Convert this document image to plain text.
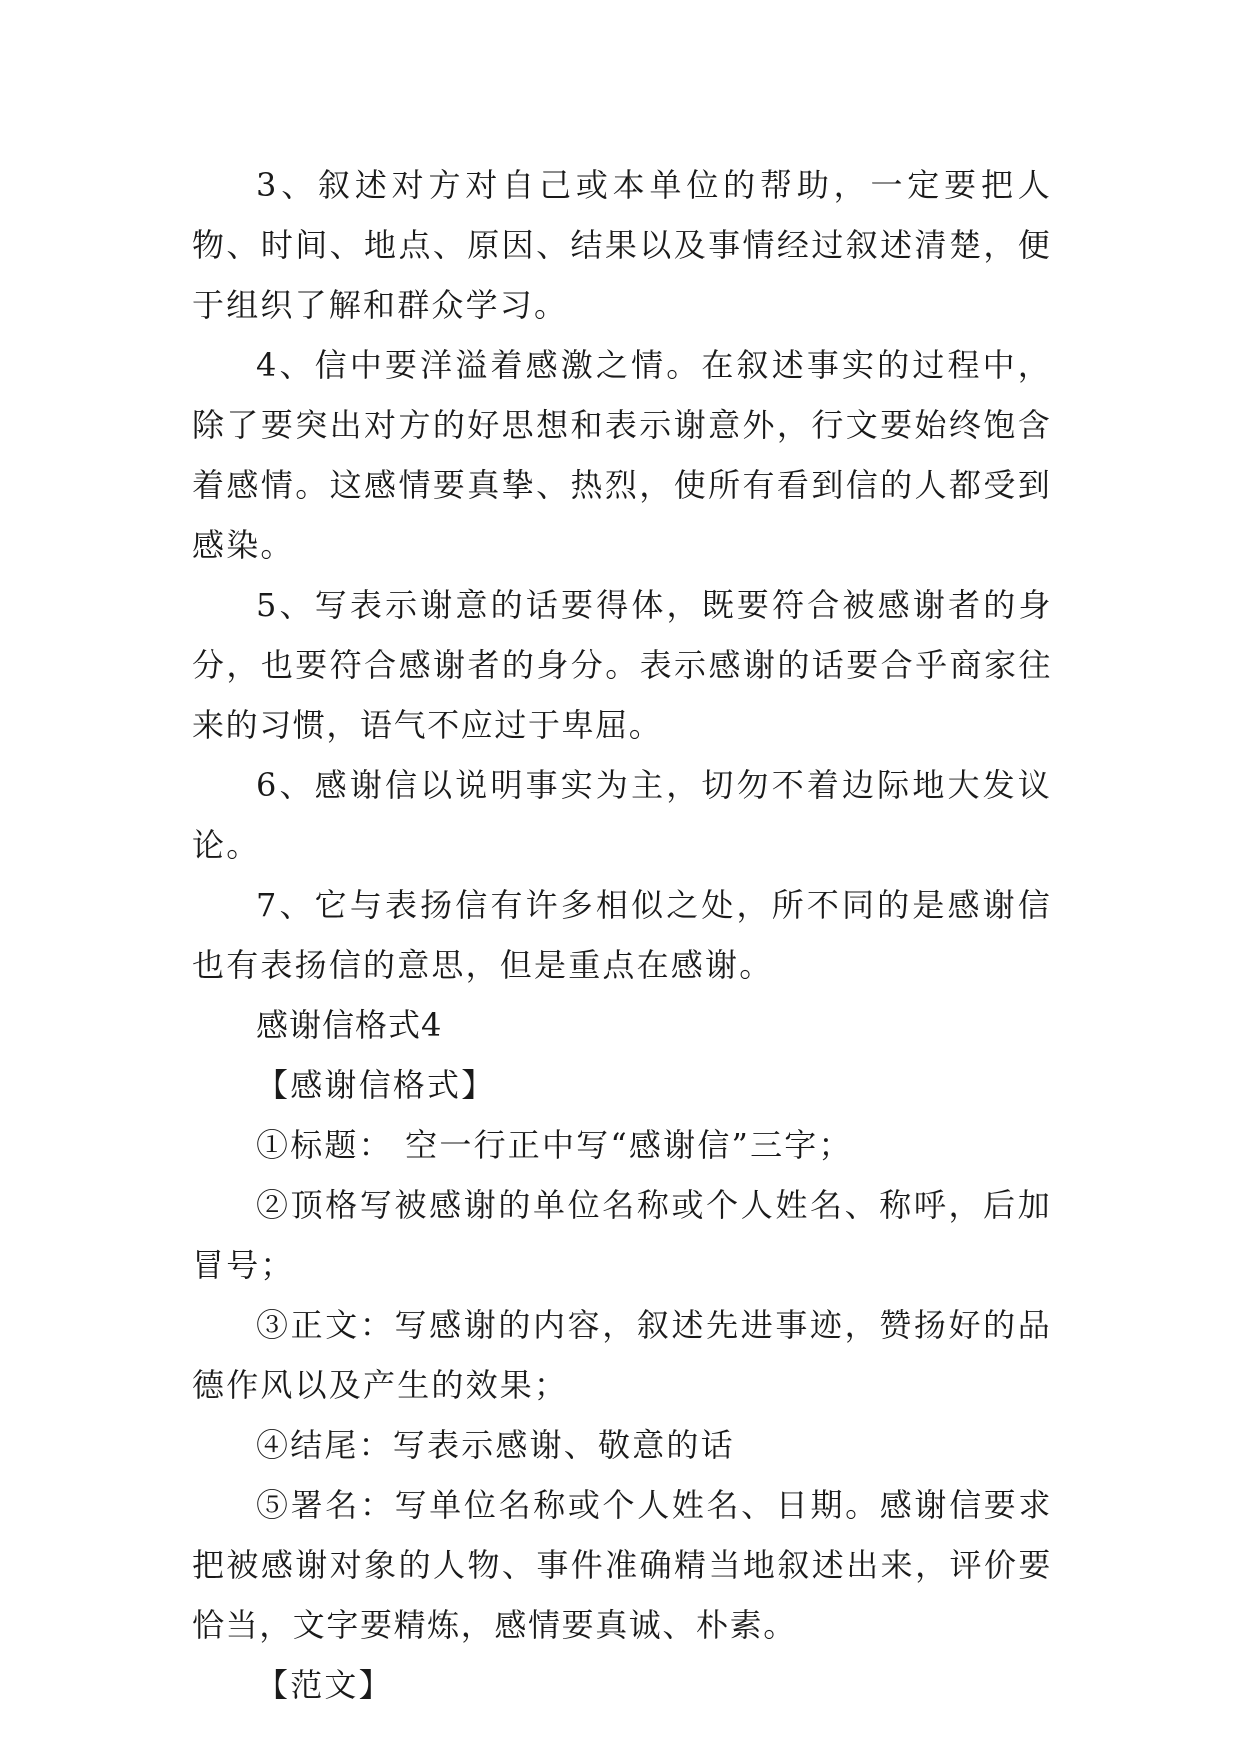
3、叙述对方对自己或本单位的帮助，一定要把人物、时间、地点、原因、结果以及事情经过叙述清楚，便于组织了解和群众学习。

4、信中要洋溢着感激之情。在叙述事实的过程中，除了要突出对方的好思想和表示谢意外，行文要始终饱含着感情。这感情要真挚、热烈，使所有看到信的人都受到感染。

5、写表示谢意的话要得体，既要符合被感谢者的身分，也要符合感谢者的身分。表示感谢的话要合乎商家往来的习惯，语气不应过于卑屈。

6、感谢信以说明事实为主，切勿不着边际地大发议论。

7、它与表扬信有许多相似之处，所不同的是感谢信也有表扬信的意思，但是重点在感谢。

感谢信格式4

【感谢信格式】

①标题： 空一行正中写“感谢信”三字；

②顶格写被感谢的单位名称或个人姓名、称呼，后加冒号；

③正文：写感谢的内容，叙述先进事迹，赞扬好的品德作风以及产生的效果；

④结尾：写表示感谢、敬意的话

⑤署名：写单位名称或个人姓名、日期。感谢信要求把被感谢对象的人物、事件准确精当地叙述出来，评价要恰当，文字要精炼，感情要真诚、朴素。

【范文】
